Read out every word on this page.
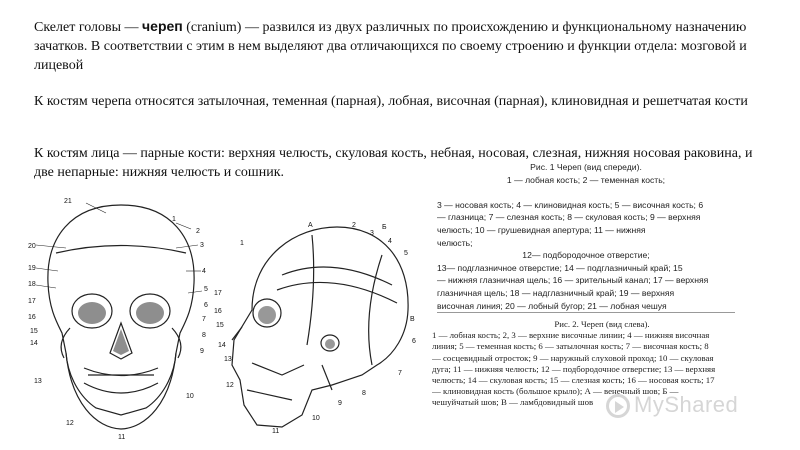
Скелет головы — череп (cranium) — развился из двух различных по происхождению и функциональному назначению зачатков. В соответствии с этим в нем выделяют два отличающихся по своему строению и функции отдела: мозговой и лицевой

К костям черепа относятся затылочная, теменная (парная), лобная, височная (парная), клиновидная и решетчатая кости

К костям лица — парные кости: верхняя челюсть, скуловая кость, небная, носовая, слезная, нижняя носовая раковина, и две непарные: нижняя челюсть и сошник.

21
1
2
20	3
19	4
18
5
17
6
16	7
15
8
14
9
13
10
12
11
1
А	2
3
4
Б
5
17
16
15
14
В
13
6
7
12
8
9
11
10
Рис. 1 Череп (вид спереди).
1 — лобная кость; 2 — теменная кость;

3 — носовая кость; 4 — клиновидная кость; 5 — височная кость; 6
— глазница; 7 — слезная кость; 8 — скуловая кость; 9 — верхняя
челюсть; 10 — грушевидная апертура; 11 — нижняя
челюсть;
12— подбородочное отверстие;
13— подглазничное отверстие; 14 — подглазничный край; 15
— нижняя глазничная щель; 16 — зрительный канал; 17 — верхняя
глазничная щель; 18 — надглазничный край; 19 — верхняя
височная линия; 20 — лобный бугор; 21 — лобная чешуя
Рис. 2. Череп (вид слева).
1 — лобная кость; 2, 3 — верхние височные линии; 4 — нижняя височная
линия; 5 — теменная кость; 6 — затылочная кость; 7 — височная кость; 8
— сосцевидный отросток; 9 — наружный слуховой проход; 10 — скуловая
дуга; 11 — нижняя челюсть; 12 — подбородочное отверстие; 13 — верхняя
челюсть; 14 — скуловая кость; 15 — слезная кость; 16 — носовая кость; 17
— клиновидная кость (большое крыло); А — венечный шов; Б —
чешуйчатый шов; В — ламбдовидный шов	MyShared
